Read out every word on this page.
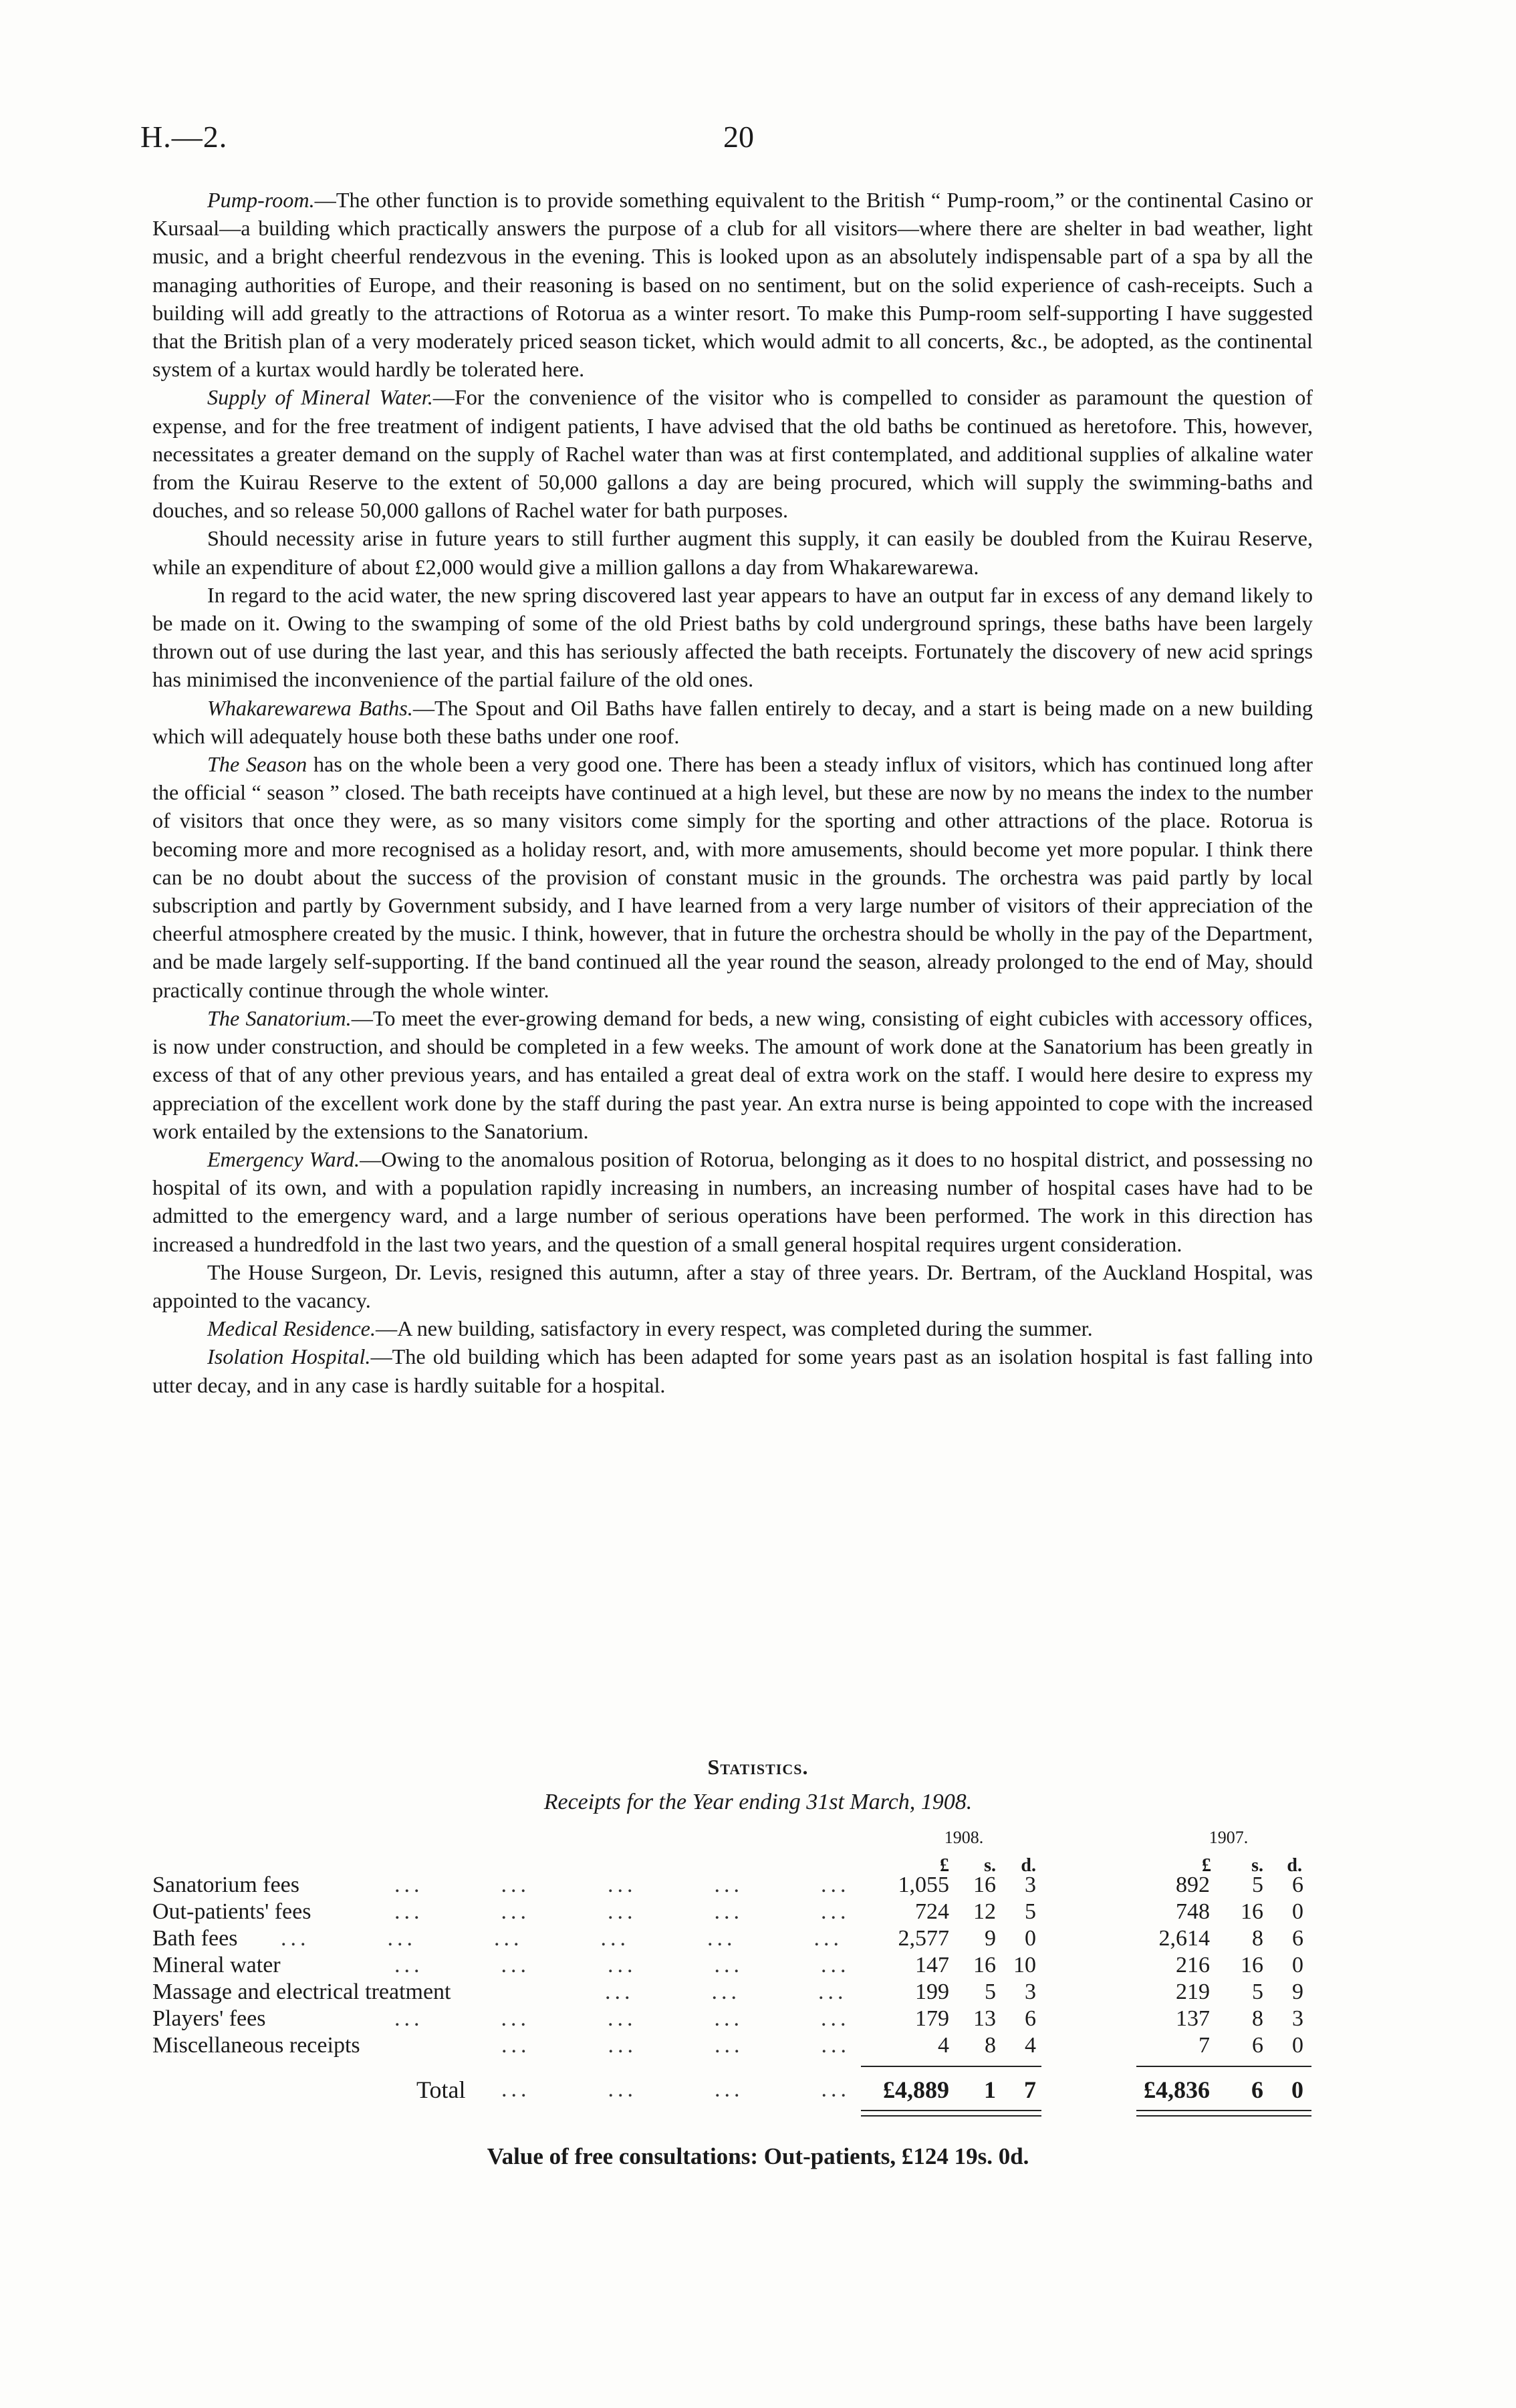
H.—2.	20

Pump-room.—The other function is to provide something equivalent to the British “ Pump-room,” or the continental Casino or Kursaal—a building which practically answers the purpose of a club for all visitors—where there are shelter in bad weather, light music, and a bright cheerful rendezvous in the evening. This is looked upon as an absolutely indispensable part of a spa by all the managing authorities of Europe, and their reasoning is based on no sentiment, but on the solid experience of cash-receipts. Such a building will add greatly to the attractions of Rotorua as a winter resort. To make this Pump-room self-supporting I have suggested that the British plan of a very moderately priced season ticket, which would admit to all concerts, &c., be adopted, as the continental system of a kurtax would hardly be tolerated here.

Supply of Mineral Water.—For the convenience of the visitor who is compelled to consider as paramount the question of expense, and for the free treatment of indigent patients, I have advised that the old baths be continued as heretofore. This, however, necessitates a greater demand on the supply of Rachel water than was at first contemplated, and additional supplies of alkaline water from the Kuirau Reserve to the extent of 50,000 gallons a day are being procured, which will supply the swimming-baths and douches, and so release 50,000 gallons of Rachel water for bath purposes.

Should necessity arise in future years to still further augment this supply, it can easily be doubled from the Kuirau Reserve, while an expenditure of about £2,000 would give a million gallons a day from Whakarewarewa.

In regard to the acid water, the new spring discovered last year appears to have an output far in excess of any demand likely to be made on it. Owing to the swamping of some of the old Priest baths by cold underground springs, these baths have been largely thrown out of use during the last year, and this has seriously affected the bath receipts. Fortunately the discovery of new acid springs has minimised the inconvenience of the partial failure of the old ones.

Whakarewarewa Baths.—The Spout and Oil Baths have fallen entirely to decay, and a start is being made on a new building which will adequately house both these baths under one roof.

The Season has on the whole been a very good one. There has been a steady influx of visitors, which has continued long after the official “ season ” closed. The bath receipts have continued at a high level, but these are now by no means the index to the number of visitors that once they were, as so many visitors come simply for the sporting and other attractions of the place. Rotorua is becoming more and more recognised as a holiday resort, and, with more amusements, should become yet more popular. I think there can be no doubt about the success of the provision of constant music in the grounds. The orchestra was paid partly by local subscription and partly by Government subsidy, and I have learned from a very large number of visitors of their appreciation of the cheerful atmosphere created by the music. I think, however, that in future the orchestra should be wholly in the pay of the Department, and be made largely self-supporting. If the band continued all the year round the season, already prolonged to the end of May, should practically continue through the whole winter.

The Sanatorium.—To meet the ever-growing demand for beds, a new wing, consisting of eight cubicles with accessory offices, is now under construction, and should be completed in a few weeks. The amount of work done at the Sanatorium has been greatly in excess of that of any other previous years, and has entailed a great deal of extra work on the staff. I would here desire to express my appreciation of the excellent work done by the staff during the past year. An extra nurse is being appointed to cope with the increased work entailed by the extensions to the Sanatorium.

Emergency Ward.—Owing to the anomalous position of Rotorua, belonging as it does to no hospital district, and possessing no hospital of its own, and with a population rapidly increasing in numbers, an increasing number of hospital cases have had to be admitted to the emergency ward, and a large number of serious operations have been performed. The work in this direction has increased a hundredfold in the last two years, and the question of a small general hospital requires urgent consideration.

The House Surgeon, Dr. Levis, resigned this autumn, after a stay of three years. Dr. Bertram, of the Auckland Hospital, was appointed to the vacancy.

Medical Residence.—A new building, satisfactory in every respect, was completed during the summer.

Isolation Hospital.—The old building which has been adapted for some years past as an isolation hospital is fast falling into utter decay, and in any case is hardly suitable for a hospital.

Statistics.
Receipts for the Year ending 31st March, 1908.
1908.	1907.
£	s.	d.	£	s.	d.
Sanatorium fees	...        ...        ...        ...        ...	1,055	16	3	892	5	6
Out-patients' fees	...        ...        ...        ...        ...	724	12	5	748	16	0
Bath fees ...        ...        ...        ...        ...        ...	2,577	9	0	2,614	8	6
Mineral water	...        ...        ...        ...        ...	147	16 10	216	16	0
Massage and electrical treatment	...        ...        ...	199	5	3	219	5	9
Players' fees	...        ...        ...        ...        ...	179	13	6	137	8	3
Miscellaneous receipts	...        ...        ...        ...	4	8	4	7	6	0
Total ...        ...        ...        ...	£4,889	1	7	£4,836	6	0
Value of free consultations: Out-patients, £124 19s. 0d.
